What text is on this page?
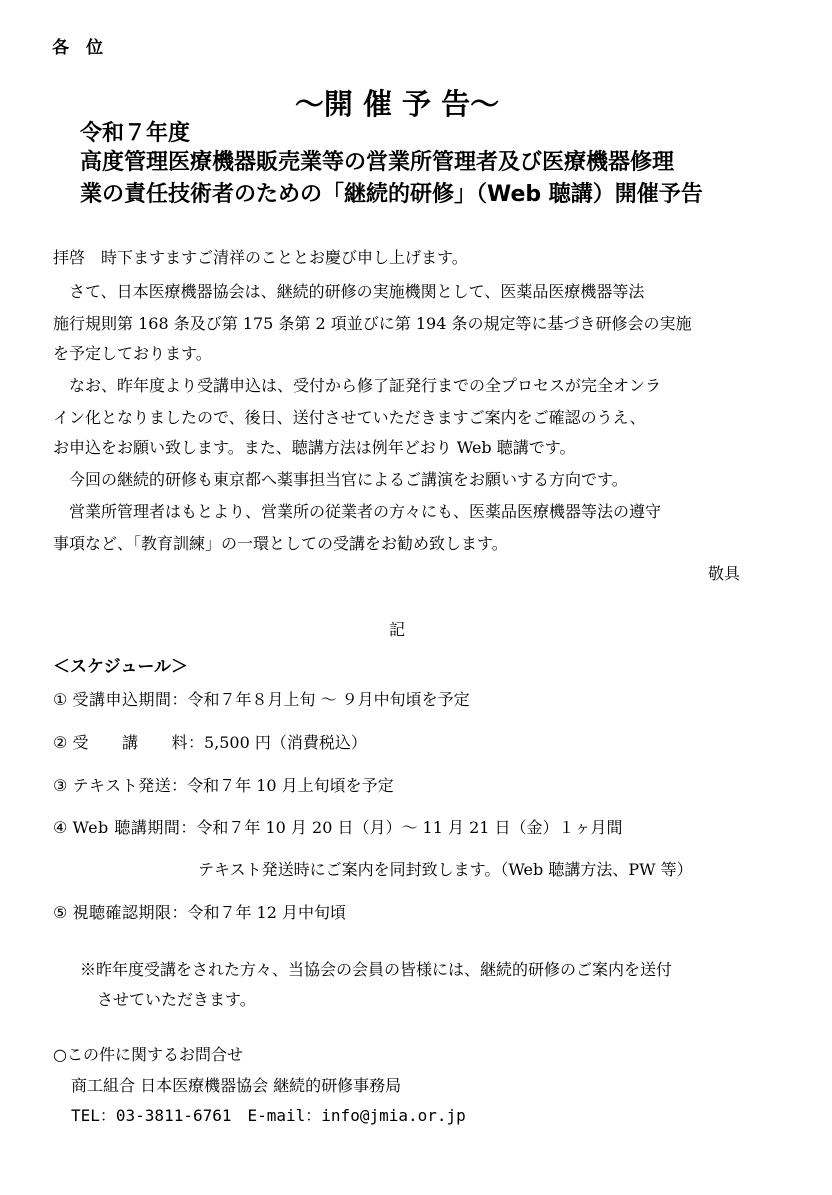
各　位
～開 催 予 告～
令和７年度
高度管理医療機器販売業等の営業所管理者及び医療機器修理
業の責任技術者のための「継続的研修」（Web 聴講）開催予告
拝啓　時下ますますご清祥のこととお慶び申し上げます。
　さて、日本医療機器協会は、継続的研修の実施機関として、医薬品医療機器等法
施行規則第 168 条及び第 175 条第 2 項並びに第 194 条の規定等に基づき研修会の実施
を予定しております。
　なお、昨年度より受講申込は、受付から修了証発行までの全プロセスが完全オンラ
イン化となりましたので、後日、送付させていただきますご案内をご確認のうえ、
お申込をお願い致します。また、聴講方法は例年どおり Web 聴講です。
　今回の継続的研修も東京都へ薬事担当官によるご講演をお願いする方向です。
　営業所管理者はもとより、営業所の従業者の方々にも、医薬品医療機器等法の遵守
事項など、「教育訓練」の一環としての受講をお勧め致します。
敬具
記
＜スケジュール＞
① 受講申込期間：令和７年８月上旬 ～ ９月中旬頃を予定
② 受　　講　　料：5,500 円（消費税込）
③ テキスト発送：令和７年 10 月上旬頃を予定
④ Web 聴講期間：令和７年 10 月 20 日（月）～ 11 月 21 日（金）１ヶ月間
テキスト発送時にご案内を同封致します。（Web 聴講方法、PW 等）
⑤ 視聴確認期限：令和７年 12 月中旬頃
※昨年度受講をされた方々、当協会の会員の皆様には、継続的研修のご案内を送付
させていただきます。
○この件に関するお問合せ
商工組合 日本医療機器協会 継続的研修事務局
TEL：03-3811-6761　E-mail：info@jmia.or.jp
